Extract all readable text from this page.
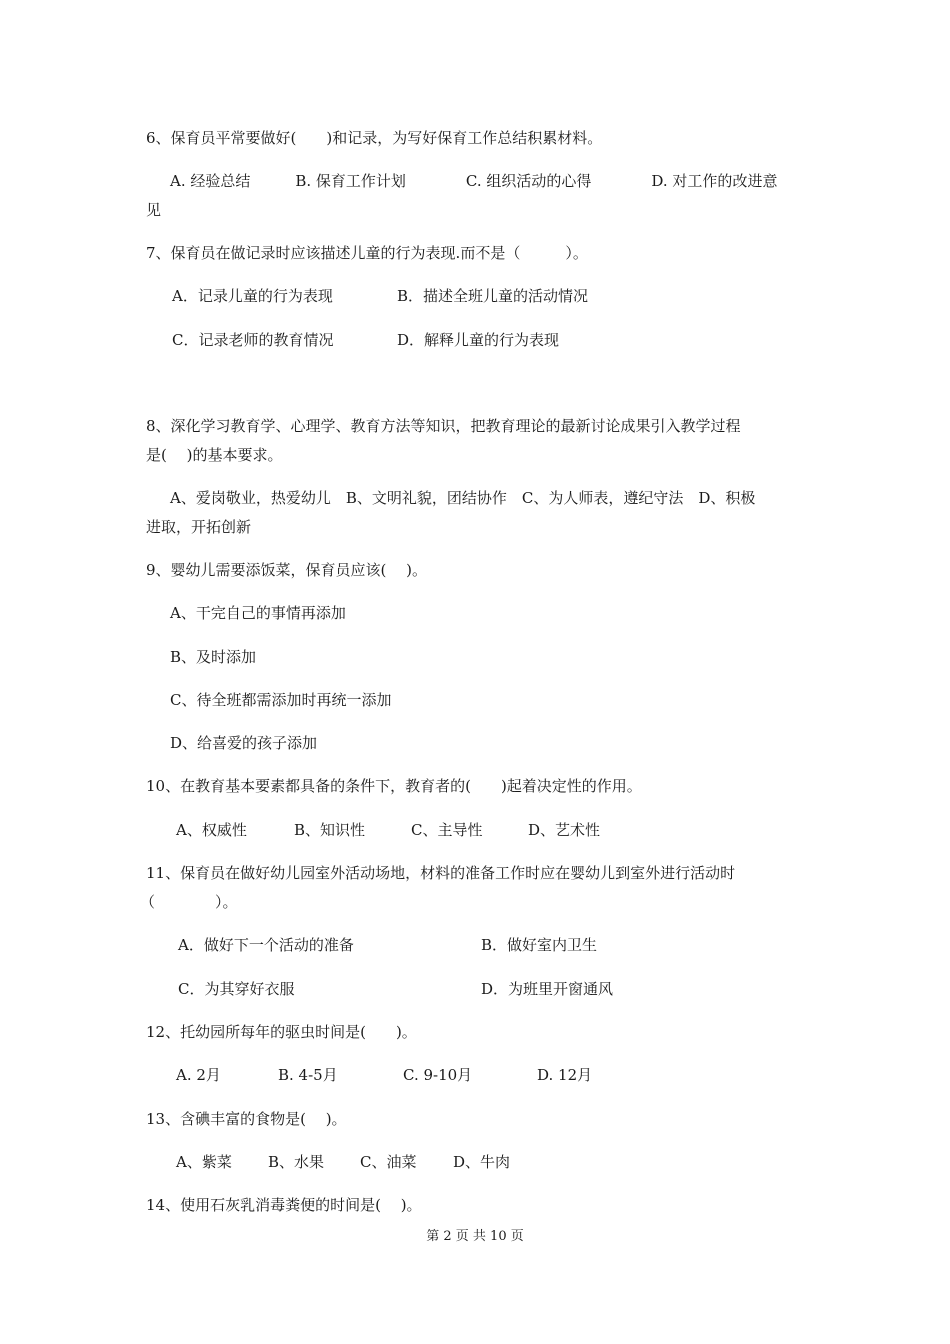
6、保育员平常要做好(　　)和记录，为写好保育工作总结积累材料。
A. 经验总结　　　B. 保育工作计划　　　　C. 组织活动的心得　　　　D. 对工作的改进意
见
7、保育员在做记录时应该描述儿童的行为表现.而不是（　　　）。
A．记录儿童的行为表现	B．描述全班儿童的活动情况
C．记录老师的教育情况	D．解释儿童的行为表现
8、深化学习教育学、心理学、教育方法等知识，把教育理论的最新讨论成果引入教学过程
是(　 )的基本要求。
A、爱岗敬业，热爱幼儿　B、文明礼貌，团结协作　C、为人师表，遵纪守法　D、积极
进取，开拓创新
9、婴幼儿需要添饭菜，保育员应该(　 )。
A、干完自己的事情再添加
B、及时添加
C、待全班都需添加时再统一添加
D、给喜爱的孩子添加
10、在教育基本要素都具备的条件下，教育者的(　　)起着决定性的作用。
A、权威性	B、知识性	C、主导性	D、艺术性
11、保育员在做好幼儿园室外活动场地，材料的准备工作时应在婴幼儿到室外进行活动时
（　　　　）。
A．做好下一个活动的准备	B．做好室内卫生
C．为其穿好衣服	D．为班里开窗通风
12、托幼园所每年的驱虫时间是(　　)。
A. 2月	B. 4-5月	C. 9-10月	D. 12月
13、含碘丰富的食物是(　 )。
A、紫菜 B、水果 C、油菜 D、牛肉
14、使用石灰乳消毒粪便的时间是(　 )。
第 2 页 共 10 页
